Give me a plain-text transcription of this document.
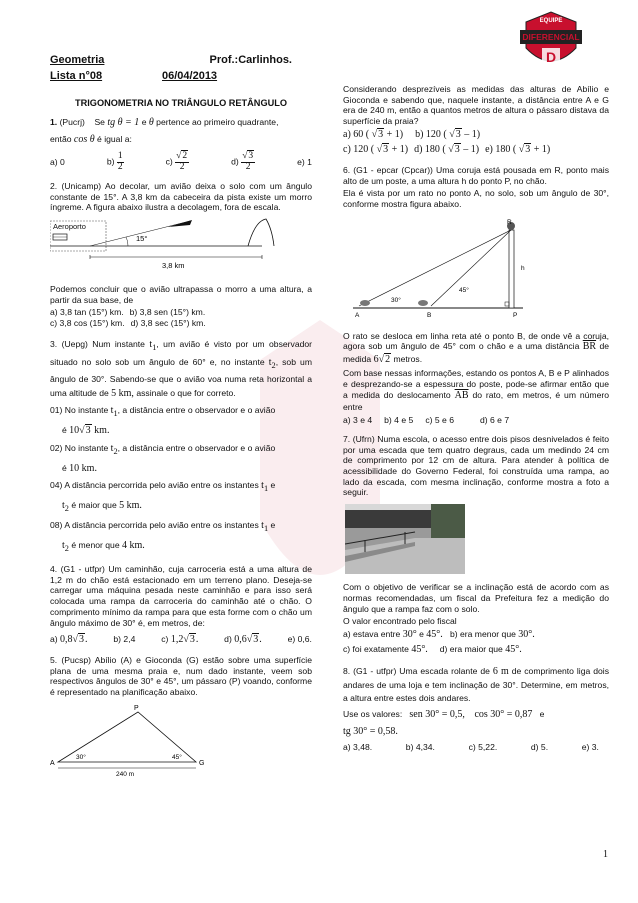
EQUIPE
DIFERENCIAL
D
Geometria	Prof.:Carlinhos.
Lista n°08	06/04/2013
TRIGONOMETRIA NO TRIÂNGULO RETÂNGULO

1. (Pucrj) Se tg θ = 1 e θ pertence ao primeiro quadrante,

então cos θ é igual a:

a) 0	$b) \frac{1}{2}$	$c) \frac{√2}{2}$	$d) \frac{√3}{2}$	e) 1

2. (Unicamp) Ao decolar, um avião deixa o solo com um ângulo constante de 15°. A 3,8 km da cabeceira da pista existe um morro íngreme. A figura abaixo ilustra a decolagem, fora de escala.

Aeroporto
15°
3,8 km

Podemos concluir que o avião ultrapassa o morro a uma altura, a partir da sua base, de

a) 3,8 tan (15°) km. b) 3,8 sen (15°) km.
c) 3,8 cos (15°) km. d) 3,8 sec (15°) km.

3. (Uepg) Num instante $t_1$, um avião é visto por um observador situado no solo sob um ângulo de 60° e, no instante $t_2$, sob um ângulo de 30°. Sabendo-se que o avião voa numa reta horizontal a uma altitude de 5 km, assinale o que for correto.

01) No instante $t_1$, a distância entre o observador e o avião

é 10√3 km.

02) No instante $t_2$, a distância entre o observador e o avião

é 10 km.

04) A distância percorrida pelo avião entre os instantes $t_1$ e

$t_2$ é maior que 5 km.

08) A distância percorrida pelo avião entre os instantes $t_1$ e

$t_2$ é menor que 4 km.

4. (G1 - utfpr) Um caminhão, cuja carroceria está a uma altura de 1,2 m do chão está estacionado em um terreno plano. Deseja-se carregar uma máquina pesada neste caminhão e para isso será colocada uma rampa da carroceria do caminhão até o chão. O comprimento mínimo da rampa para que esta forme com o chão um ângulo máximo de 30° é, em metros, de:

a) 0,8√3.	b) 2,4	c) 1,2√3.	d) 0,6√3.	e) 0,6.

5. (Pucsp) Abílio (A) e Gioconda (G) estão sobre uma superfície plana de uma mesma praia e, num dado instante, veem sob respectivos ângulos de 30° e 45°, um pássaro (P) voando, conforme é representado na planificação abaixo.

P
A	G
30°	45°
240 m

Considerando desprezíveis as medidas das alturas de Abílio e Gioconda e sabendo que, naquele instante, a distância entre A e G era de 240 m, então a quantos metros de altura o pássaro distava da superfície da praia?

a) 60 ( √3 + 1) b) 120 ( √3 – 1)
c) 120 ( √3 + 1) d) 180 ( √3 – 1) e) 180 ( √3 + 1)

6. (G1 - epcar (Cpcar)) Uma coruja está pousada em R, ponto mais alto de um poste, a uma altura h do ponto P, no chão.

Ela é vista por um rato no ponto A, no solo, sob um ângulo de 30°, conforme mostra figura abaixo.

R
h
A	B	P
30°
45°

O rato se desloca em linha reta até o ponto B, de onde vê a coruja, agora sob um ângulo de 45° com o chão e a uma distância $\overline{BR}$ de medida 6√2 metros.

Com base nessas informações, estando os pontos A, B e P alinhados e desprezando-se a espessura do poste, pode-se afirmar então que a medida do deslocamento $\overline{AB}$ do rato, em metros, é um número entre

a) 3 e 4 b) 4 e 5 c) 5 e 6	d) 6 e 7

7. (Ufrn) Numa escola, o acesso entre dois pisos desnivelados é feito por uma escada que tem quatro degraus, cada um medindo 24 cm de comprimento por 12 cm de altura. Para atender à política de acessibilidade do Governo Federal, foi construída uma rampa, ao lado da escada, com mesma inclinação, conforme mostra a foto a seguir.

Com o objetivo de verificar se a inclinação está de acordo com as normas recomendadas, um fiscal da Prefeitura fez a medição do ângulo que a rampa faz com o solo.

O valor encontrado pelo fiscal

a) estava entre 30° e 45°. b) era menor que 30°.

c) foi exatamente 45°. d) era maior que 45°.

8. (G1 - utfpr) Uma escada rolante de 6 m de comprimento liga dois andares de uma loja e tem inclinação de 30°. Determine, em metros, a altura entre estes dois andares.

Use os valores: sen 30° = 0,5, cos 30° = 0,87 e

tg 30° = 0,58.

a) 3,48.	b) 4,34.	c) 5,22.	d) 5.	e) 3.
1
